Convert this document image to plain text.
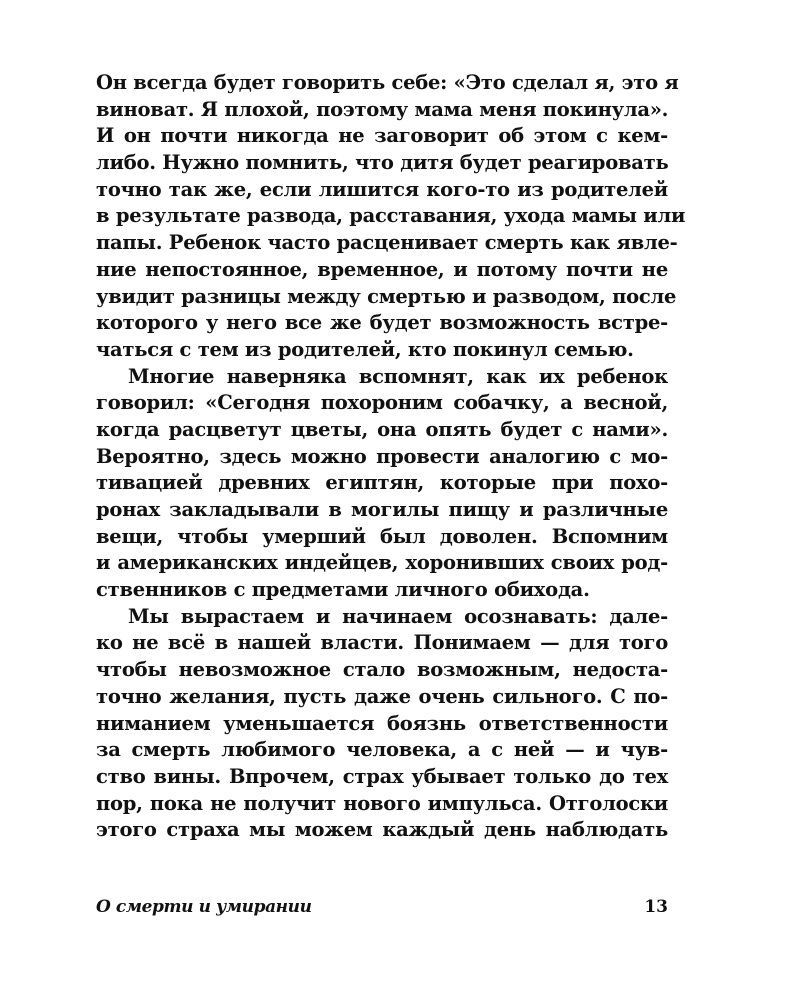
Он всегда будет говорить себе: «Это сделал я, это я
виноват. Я плохой, поэтому мама меня покинула».
И он почти никогда не заговорит об этом с кем-
либо. Нужно помнить, что дитя будет реагировать
точно так же, если лишится кого-то из родителей
в результате развода, расставания, ухода мамы или
папы. Ребенок часто расценивает смерть как явле-
ние непостоянное, временное, и потому почти не
увидит разницы между смертью и разводом, после
которого у него все же будет возможность встре-
чаться с тем из родителей, кто покинул семью.
Многие наверняка вспомнят, как их ребенок
говорил: «Сегодня похороним собачку, а весной,
когда расцветут цветы, она опять будет с нами».
Вероятно, здесь можно провести аналогию с мо-
тивацией древних египтян, которые при похо-
ронах закладывали в могилы пищу и различные
вещи, чтобы умерший был доволен. Вспомним
и американских индейцев, хоронивших своих род-
ственников с предметами личного обихода.
Мы вырастаем и начинаем осознавать: дале-
ко не всё в нашей власти. Понимаем — для того
чтобы невозможное стало возможным, недоста-
точно желания, пусть даже очень сильного. С по-
ниманием уменьшается боязнь ответственности
за смерть любимого человека, а с ней — и чув-
ство вины. Впрочем, страх убывает только до тех
пор, пока не получит нового импульса. Отголоски
этого страха мы можем каждый день наблюдать
О смерти и умирании	13
